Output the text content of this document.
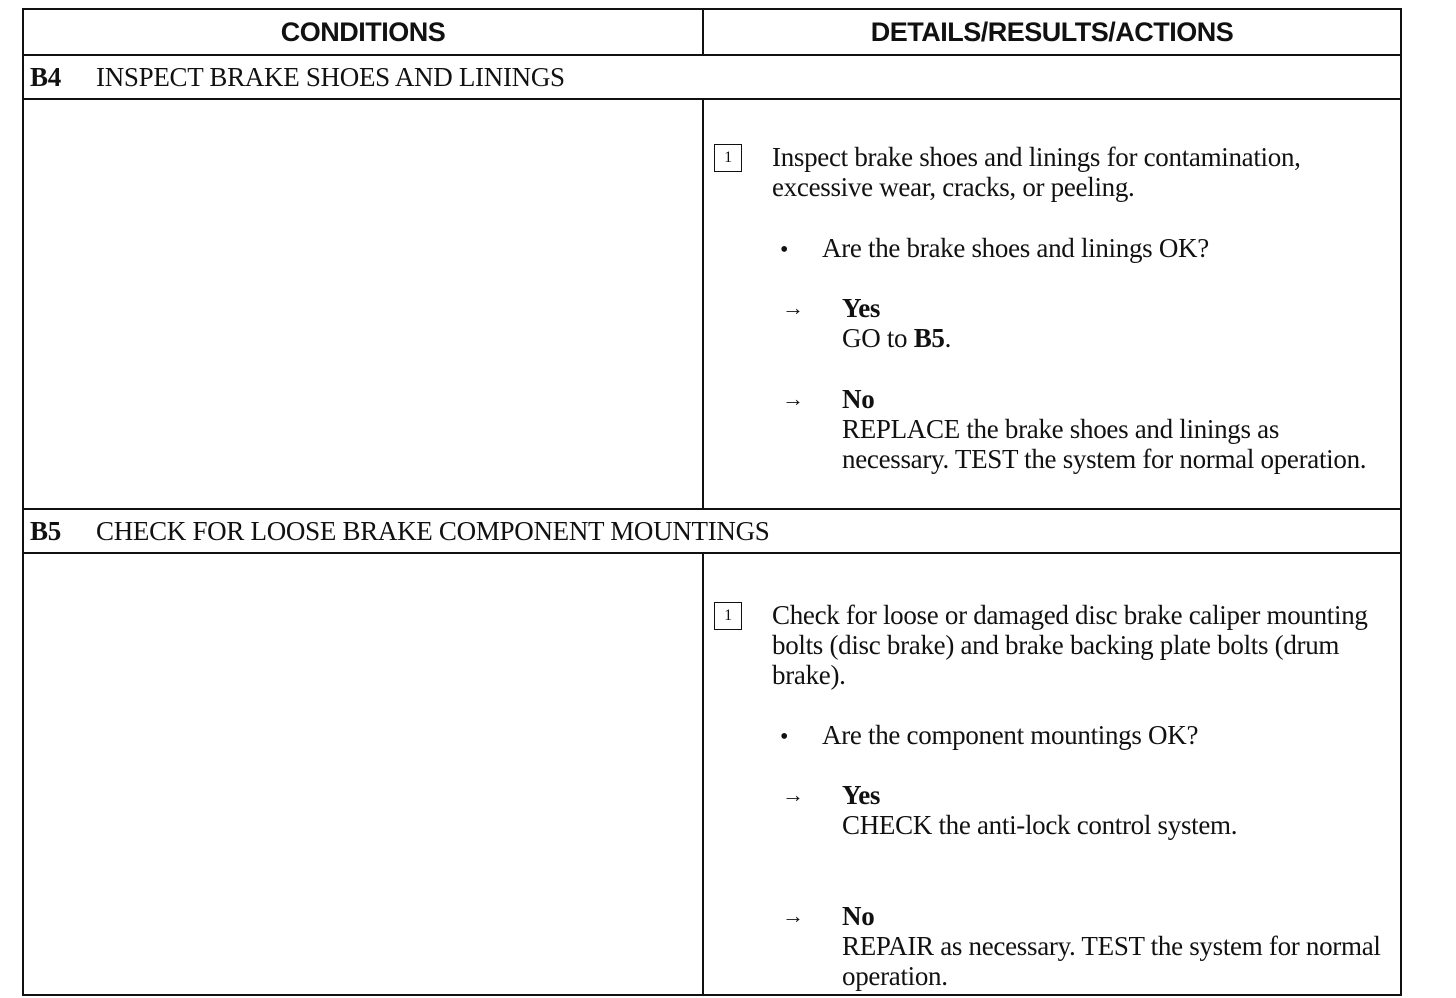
CONDITIONS	DETAILS/RESULTS/ACTIONS
B4	INSPECT BRAKE SHOES AND LININGS
1	Inspect brake shoes and linings for contamination, excessive wear, cracks, or peeling.
• Are the brake shoes and linings OK?
→ Yes
GO to B5.
→ No
REPLACE the brake shoes and linings as necessary. TEST the system for normal operation.
B5	CHECK FOR LOOSE BRAKE COMPONENT MOUNTINGS
1	Check for loose or damaged disc brake caliper mounting bolts (disc brake) and brake backing plate bolts (drum brake).
• Are the component mountings OK?
→ Yes
CHECK the anti-lock control system.
→ No
REPAIR as necessary. TEST the system for normal operation.
